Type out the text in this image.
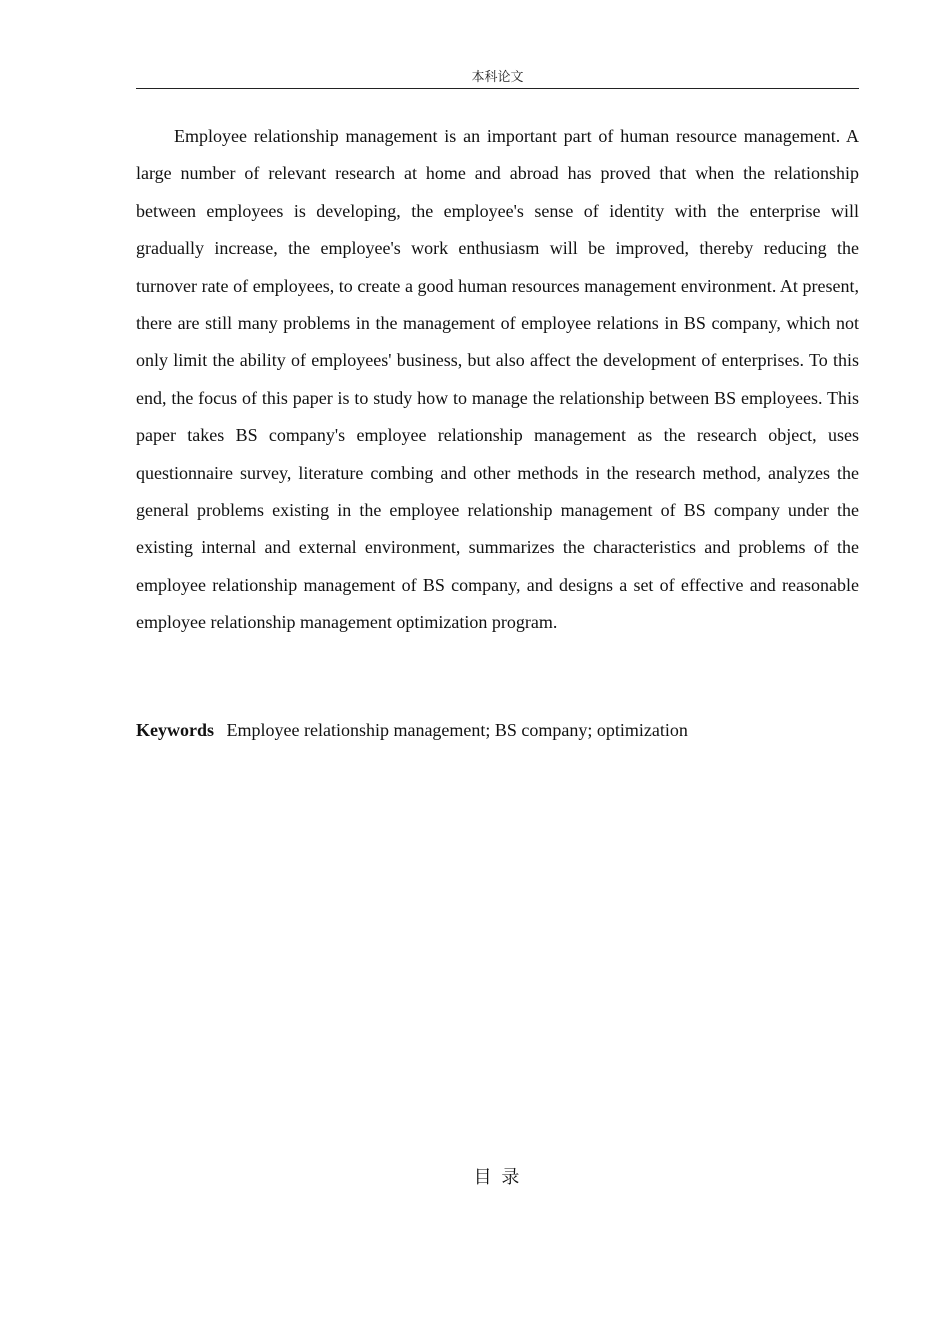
本科论文

Employee relationship management is an important part of human resource management. A large number of relevant research at home and abroad has proved that when the relationship between employees is developing, the employee's sense of identity with the enterprise will gradually increase, the employee's work enthusiasm will be improved, thereby reducing the turnover rate of employees, to create a good human resources management environment. At present, there are still many problems in the management of employee relations in BS company, which not only limit the ability of employees' business, but also affect the development of enterprises. To this end, the focus of this paper is to study how to manage the relationship between BS employees. This paper takes BS company's employee relationship management as the research object, uses questionnaire survey, literature combing and other methods in the research method, analyzes the general problems existing in the employee relationship management of BS company under the existing internal and external environment, summarizes the characteristics and problems of the employee relationship management of BS company, and designs a set of effective and reasonable employee relationship management optimization program.

Keywords Employee relationship management; BS company; optimization
目 录
